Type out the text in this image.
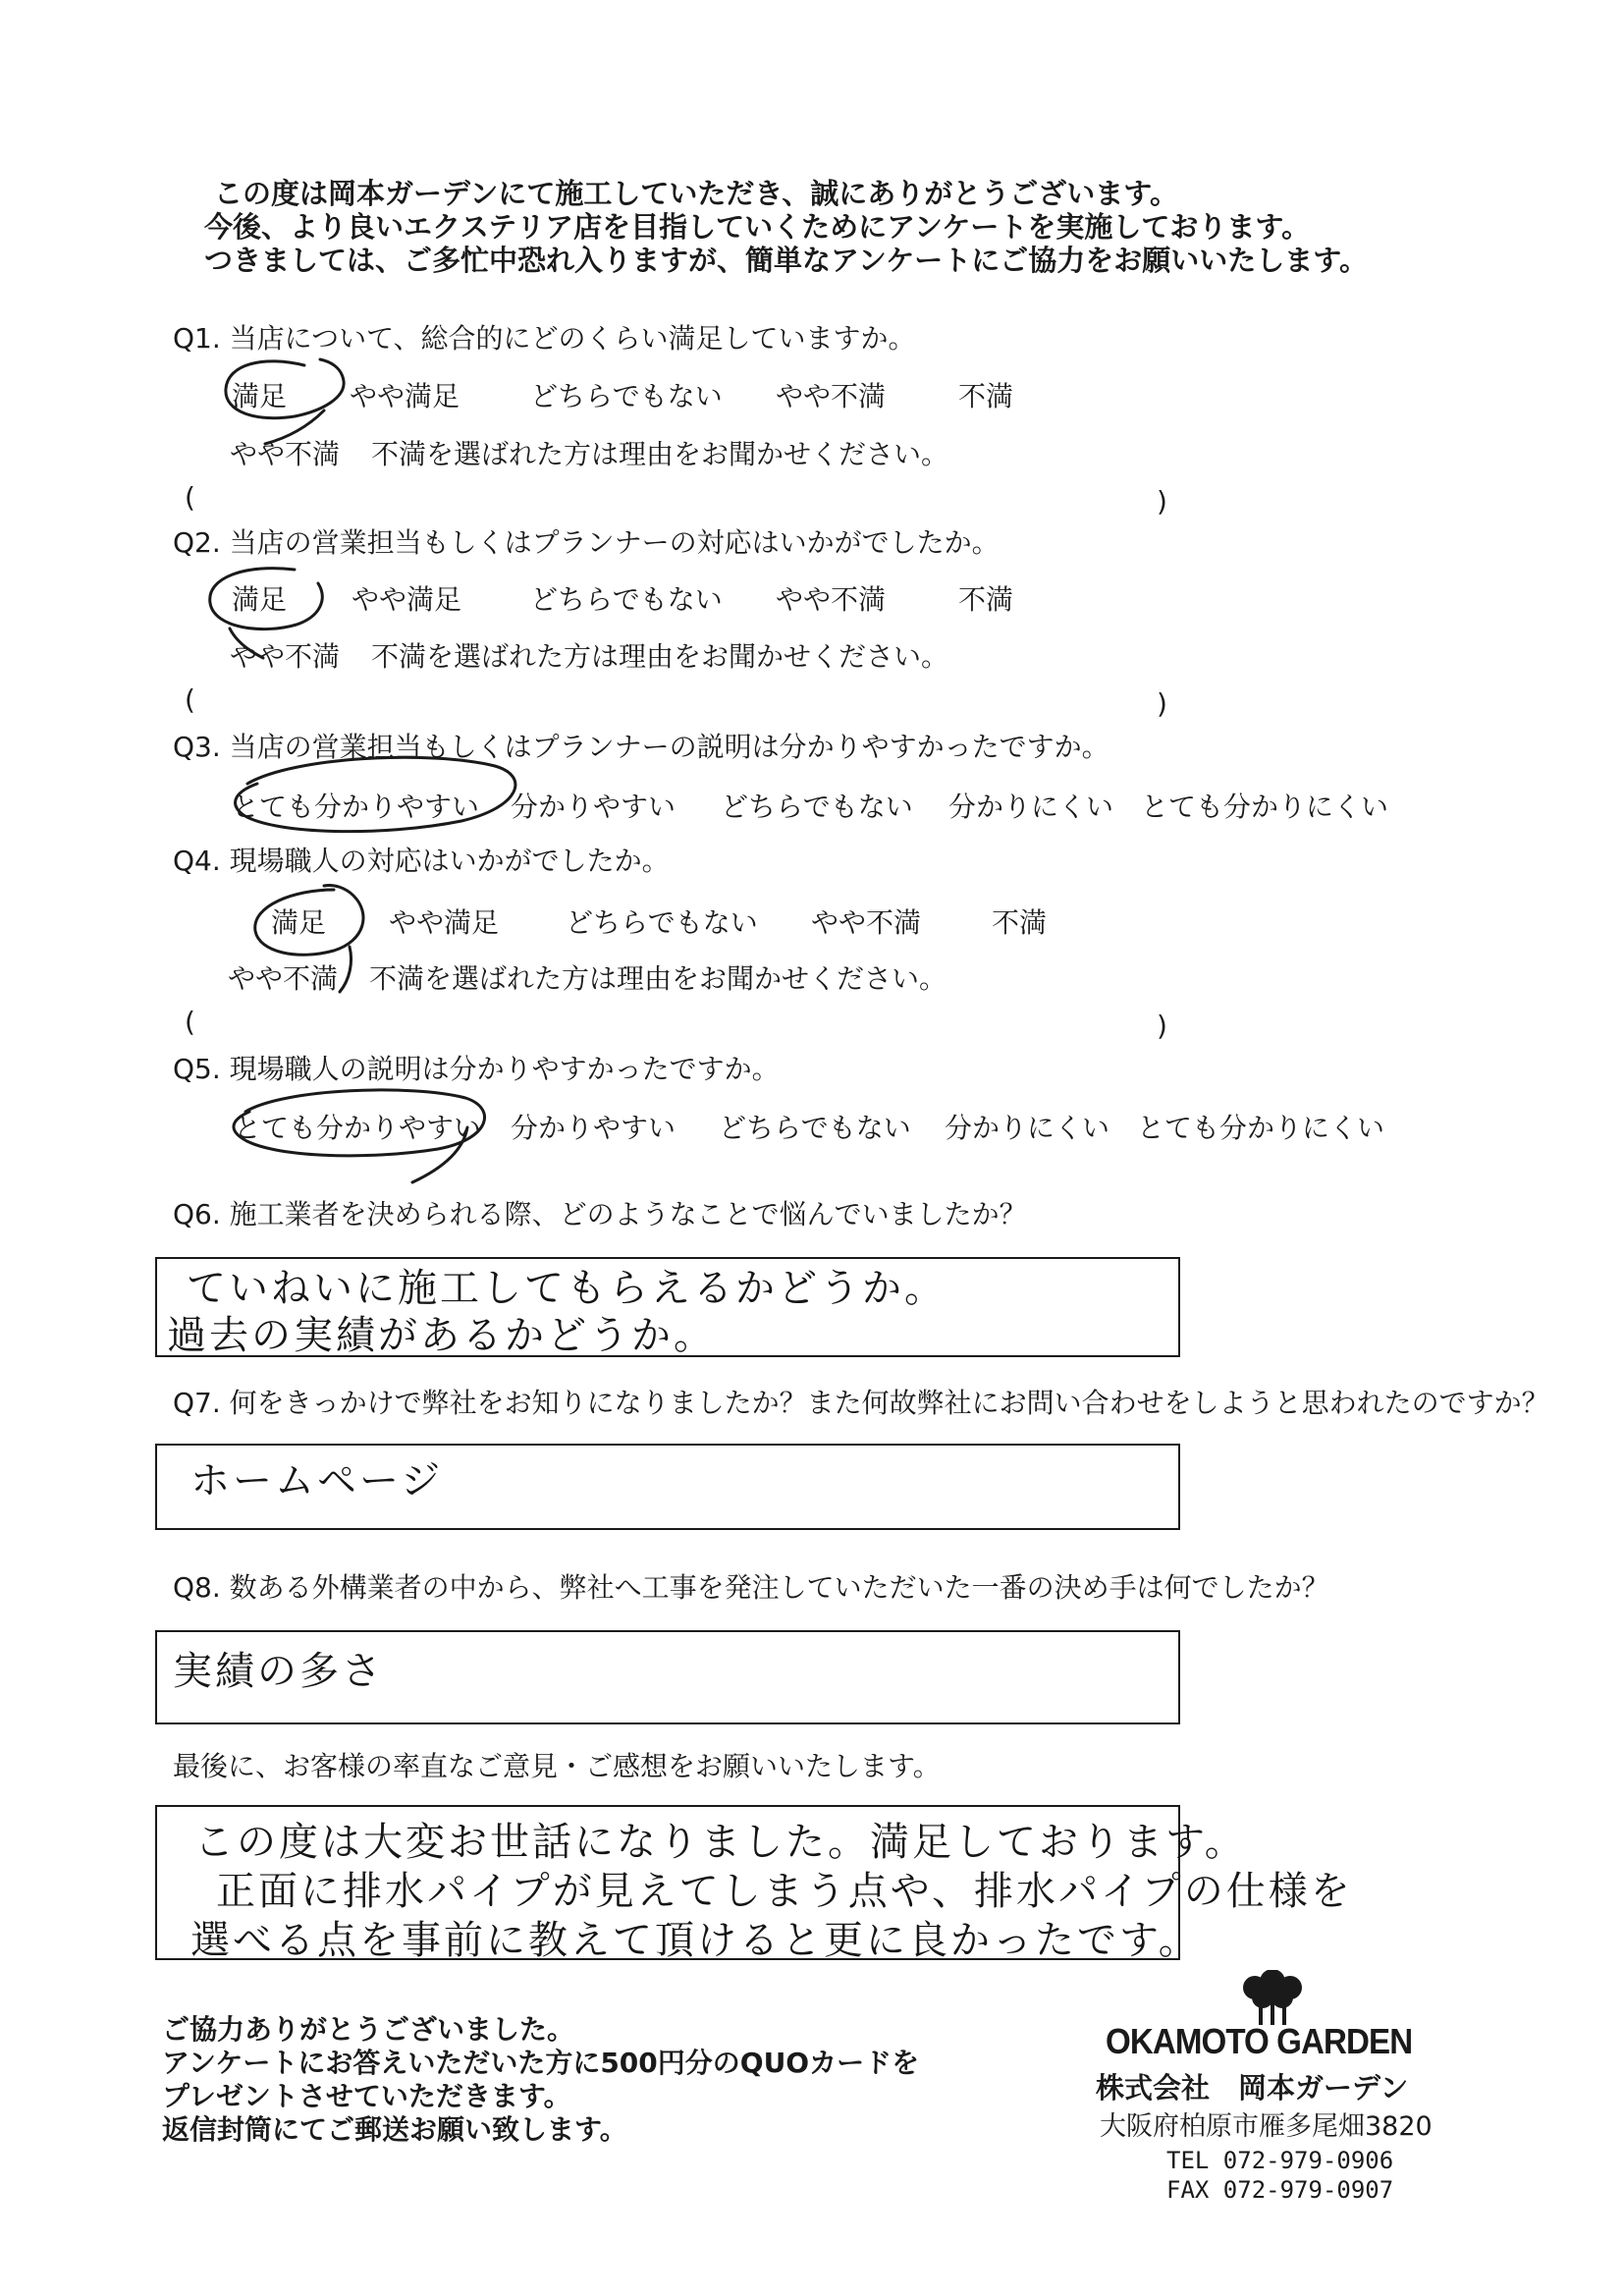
この度は岡本ガーデンにて施工していただき、誠にありがとうございます。
今後、より良いエクステリア店を目指していくためにアンケートを実施しております。
つきましては、ご多忙中恐れ入りますが、簡単なアンケートにご協力をお願いいたします。
Q1. 当店について、総合的にどのくらい満足していますか。
満足 やや満足	どちらでもない やや不満	不満
やや不満 不満を選ばれた方は理由をお聞かせください。
(	)
Q2. 当店の営業担当もしくはプランナーの対応はいかがでしたか。
満足 やや満足 どちらでもない やや不満	不満
やや不満 不満を選ばれた方は理由をお聞かせください。
(	)
Q3. 当店の営業担当もしくはプランナーの説明は分かりやすかったですか。
とても分かりやすい 分かりやすい どちらでもない 分かりにくい とても分かりにくい
Q4. 現場職人の対応はいかがでしたか。
満足 やや満足 どちらでもない やや不満	不満
やや不満 不満を選ばれた方は理由をお聞かせください。
(	)
Q5. 現場職人の説明は分かりやすかったですか。
とても分かりやすい 分かりやすい どちらでもない 分かりにくい とても分かりにくい
Q6. 施工業者を決められる際、どのようなことで悩んでいましたか？
ていねいに施工してもらえるかどうか。
過去の実績があるかどうか。
Q7. 何をきっかけで弊社をお知りになりましたか？また何故弊社にお問い合わせをしようと思われたのですか？
ホームページ
Q8. 数ある外構業者の中から、弊社へ工事を発注していただいた一番の決め手は何でしたか？
実績の多さ
最後に、お客様の率直なご意見・ご感想をお願いいたします。
この度は大変お世話になりました。満足しております。
正面に排水パイプが見えてしまう点や、排水パイプの仕様を
選べる点を事前に教えて頂けると更に良かったです。
ご協力ありがとうございました。
アンケートにお答えいただいた方に500円分のQUOカードを
プレゼントさせていただきます。
返信封筒にてご郵送お願い致します。
OKAMOTO GARDEN
株式会社　岡本ガーデン
大阪府柏原市雁多尾畑3820
TEL 072-979-0906
FAX 072-979-0907
